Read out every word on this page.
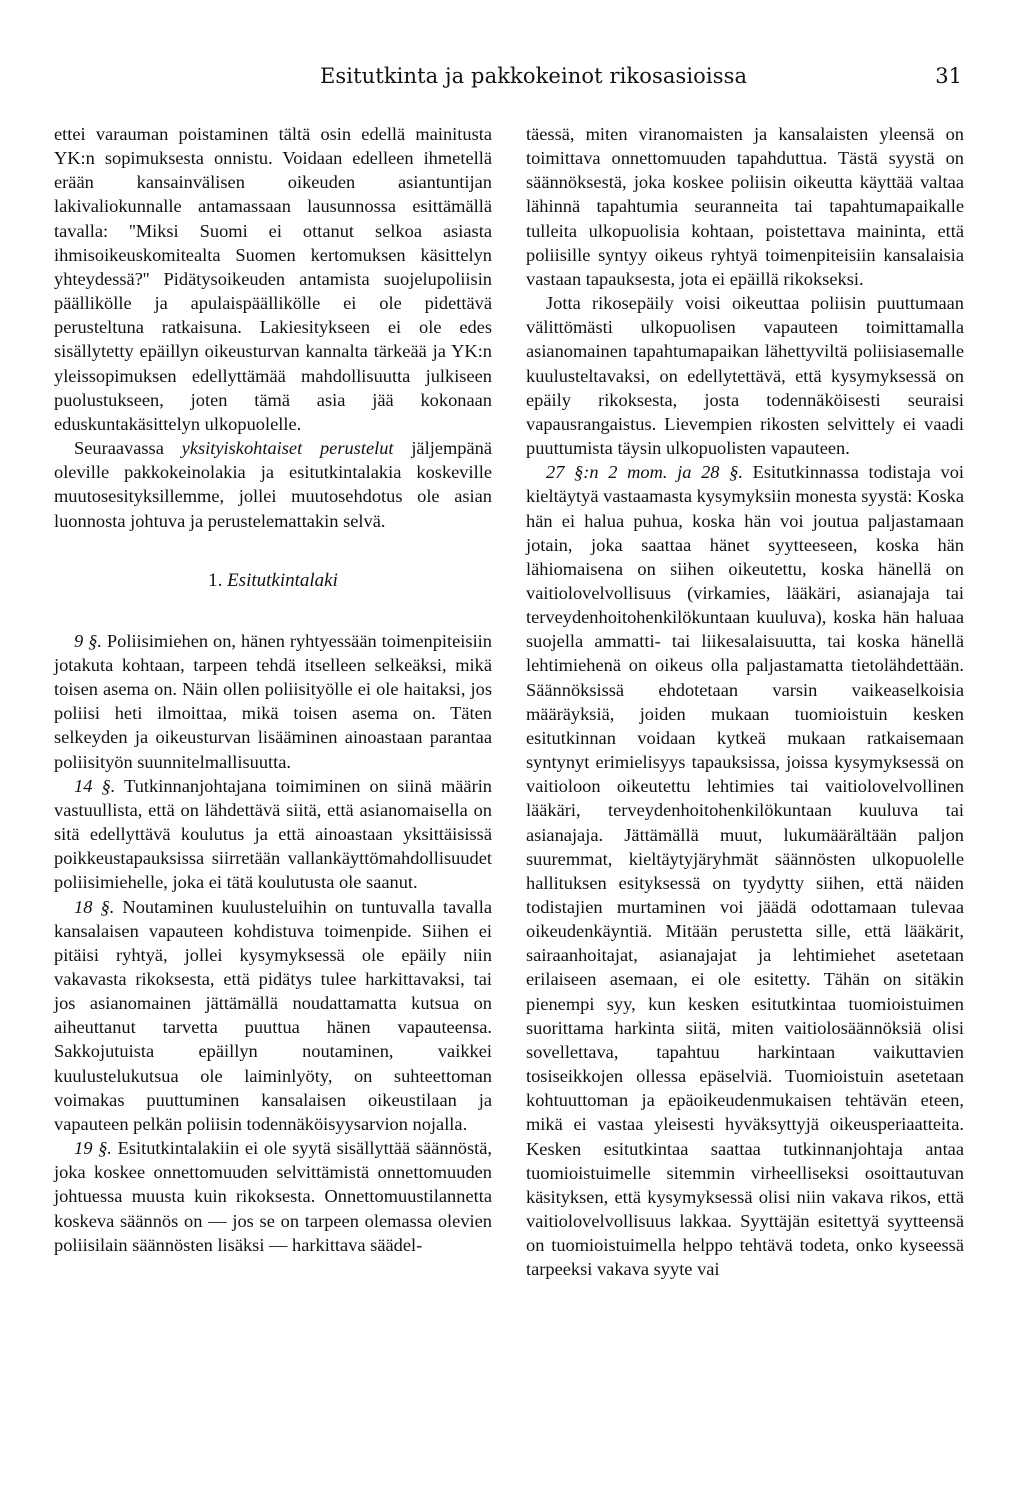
Esitutkinta ja pakkokeinot rikosasioissa	31

ettei varauman poistaminen tältä osin edellä mainitusta YK:n sopimuksesta onnistu. Voidaan edelleen ihmetellä erään kansainvälisen oikeuden asiantuntijan lakivaliokunnalle antamassaan lausunnossa esittämällä tavalla: ''Miksi Suomi ei ottanut selkoa asiasta ihmisoikeuskomitealta Suomen kertomuksen käsittelyn yhteydessä?'' Pidätysoikeuden antamista suojelupoliisin päällikölle ja apulaispäällikölle ei ole pidettävä perusteltuna ratkaisuna. Lakiesitykseen ei ole edes sisällytetty epäillyn oikeusturvan kannalta tärkeää ja YK:n yleissopimuksen edellyttämää mahdollisuutta julkiseen puolustukseen, joten tämä asia jää kokonaan eduskuntakäsittelyn ulkopuolelle.

Seuraavassa yksityiskohtaiset perustelut jäljempänä oleville pakkokeinolakia ja esitutkintalakia koskeville muutosesityksillemme, jollei muutosehdotus ole asian luonnosta johtuva ja perustelemattakin selvä.

1. Esitutkintalaki

9 §. Poliisimiehen on, hänen ryhtyessään toimenpiteisiin jotakuta kohtaan, tarpeen tehdä itselleen selkeäksi, mikä toisen asema on. Näin ollen poliisityölle ei ole haitaksi, jos poliisi heti ilmoittaa, mikä toisen asema on. Täten selkeyden ja oikeusturvan lisääminen ainoastaan parantaa poliisityön suunnitelmallisuutta.

14 §. Tutkinnanjohtajana toimiminen on siinä määrin vastuullista, että on lähdettävä siitä, että asianomaisella on sitä edellyttävä koulutus ja että ainoastaan yksittäisissä poikkeustapauksissa siirretään vallankäyttömahdollisuudet poliisimiehelle, joka ei tätä koulutusta ole saanut.

18 §. Noutaminen kuulusteluihin on tuntuvalla tavalla kansalaisen vapauteen kohdistuva toimenpide. Siihen ei pitäisi ryhtyä, jollei kysymyksessä ole epäily niin vakavasta rikoksesta, että pidätys tulee harkittavaksi, tai jos asianomainen jättämällä noudattamatta kutsua on aiheuttanut tarvetta puuttua hänen vapauteensa. Sakkojutuista epäillyn noutaminen, vaikkei kuulustelukutsua ole laiminlyöty, on suhteettoman voimakas puuttuminen kansalaisen oikeustilaan ja vapauteen pelkän poliisin todennäköisyysarvion nojalla.

19 §. Esitutkintalakiin ei ole syytä sisällyttää säännöstä, joka koskee onnettomuuden selvittämistä onnettomuuden johtuessa muusta kuin rikoksesta. Onnettomuustilannetta koskeva säännös on — jos se on tarpeen olemassa olevien poliisilain säännösten lisäksi — harkittava säädel-

täessä, miten viranomaisten ja kansalaisten yleensä on toimittava onnettomuuden tapahduttua. Tästä syystä on säännöksestä, joka koskee poliisin oikeutta käyttää valtaa lähinnä tapahtumia seuranneita tai tapahtumapaikalle tulleita ulkopuolisia kohtaan, poistettava maininta, että poliisille syntyy oikeus ryhtyä toimenpiteisiin kansalaisia vastaan tapauksesta, jota ei epäillä rikokseksi.

Jotta rikosepäily voisi oikeuttaa poliisin puuttumaan välittömästi ulkopuolisen vapauteen toimittamalla asianomainen tapahtumapaikan lähettyviltä poliisiasemalle kuulusteltavaksi, on edellytettävä, että kysymyksessä on epäily rikoksesta, josta todennäköisesti seuraisi vapausrangaistus. Lievempien rikosten selvittely ei vaadi puuttumista täysin ulkopuolisten vapauteen.

27 §:n 2 mom. ja 28 §. Esitutkinnassa todistaja voi kieltäytyä vastaamasta kysymyksiin monesta syystä: Koska hän ei halua puhua, koska hän voi joutua paljastamaan jotain, joka saattaa hänet syytteeseen, koska hän lähiomaisena on siihen oikeutettu, koska hänellä on vaitiolovelvollisuus (virkamies, lääkäri, asianajaja tai terveydenhoitohenkilökuntaan kuuluva), koska hän haluaa suojella ammatti- tai liikesalaisuutta, tai koska hänellä lehtimiehenä on oikeus olla paljastamatta tietolähdettään. Säännöksissä ehdotetaan varsin vaikeaselkoisia määräyksiä, joiden mukaan tuomioistuin kesken esitutkinnan voidaan kytkeä mukaan ratkaisemaan syntynyt erimielisyys tapauksissa, joissa kysymyksessä on vaitioloon oikeutettu lehtimies tai vaitiolovelvollinen lääkäri, terveydenhoitohenkilökuntaan kuuluva tai asianajaja. Jättämällä muut, lukumäärältään paljon suuremmat, kieltäytyjäryhmät säännösten ulkopuolelle hallituksen esityksessä on tyydytty siihen, että näiden todistajien murtaminen voi jäädä odottamaan tulevaa oikeudenkäyntiä. Mitään perustetta sille, että lääkärit, sairaanhoitajat, asianajajat ja lehtimiehet asetetaan erilaiseen asemaan, ei ole esitetty. Tähän on sitäkin pienempi syy, kun kesken esitutkintaa tuomioistuimen suorittama harkinta siitä, miten vaitiolosäännöksiä olisi sovellettava, tapahtuu harkintaan vaikuttavien tosiseikkojen ollessa epäselviä. Tuomioistuin asetetaan kohtuuttoman ja epäoikeudenmukaisen tehtävän eteen, mikä ei vastaa yleisesti hyväksyttyjä oikeusperiaatteita. Kesken esitutkintaa saattaa tutkinnanjohtaja antaa tuomioistuimelle sitemmin virheelliseksi osoittautuvan käsityksen, että kysymyksessä olisi niin vakava rikos, että vaitiolovelvollisuus lakkaa. Syyttäjän esitettyä syytteensä on tuomioistuimella helppo tehtävä todeta, onko kyseessä tarpeeksi vakava syyte vai
